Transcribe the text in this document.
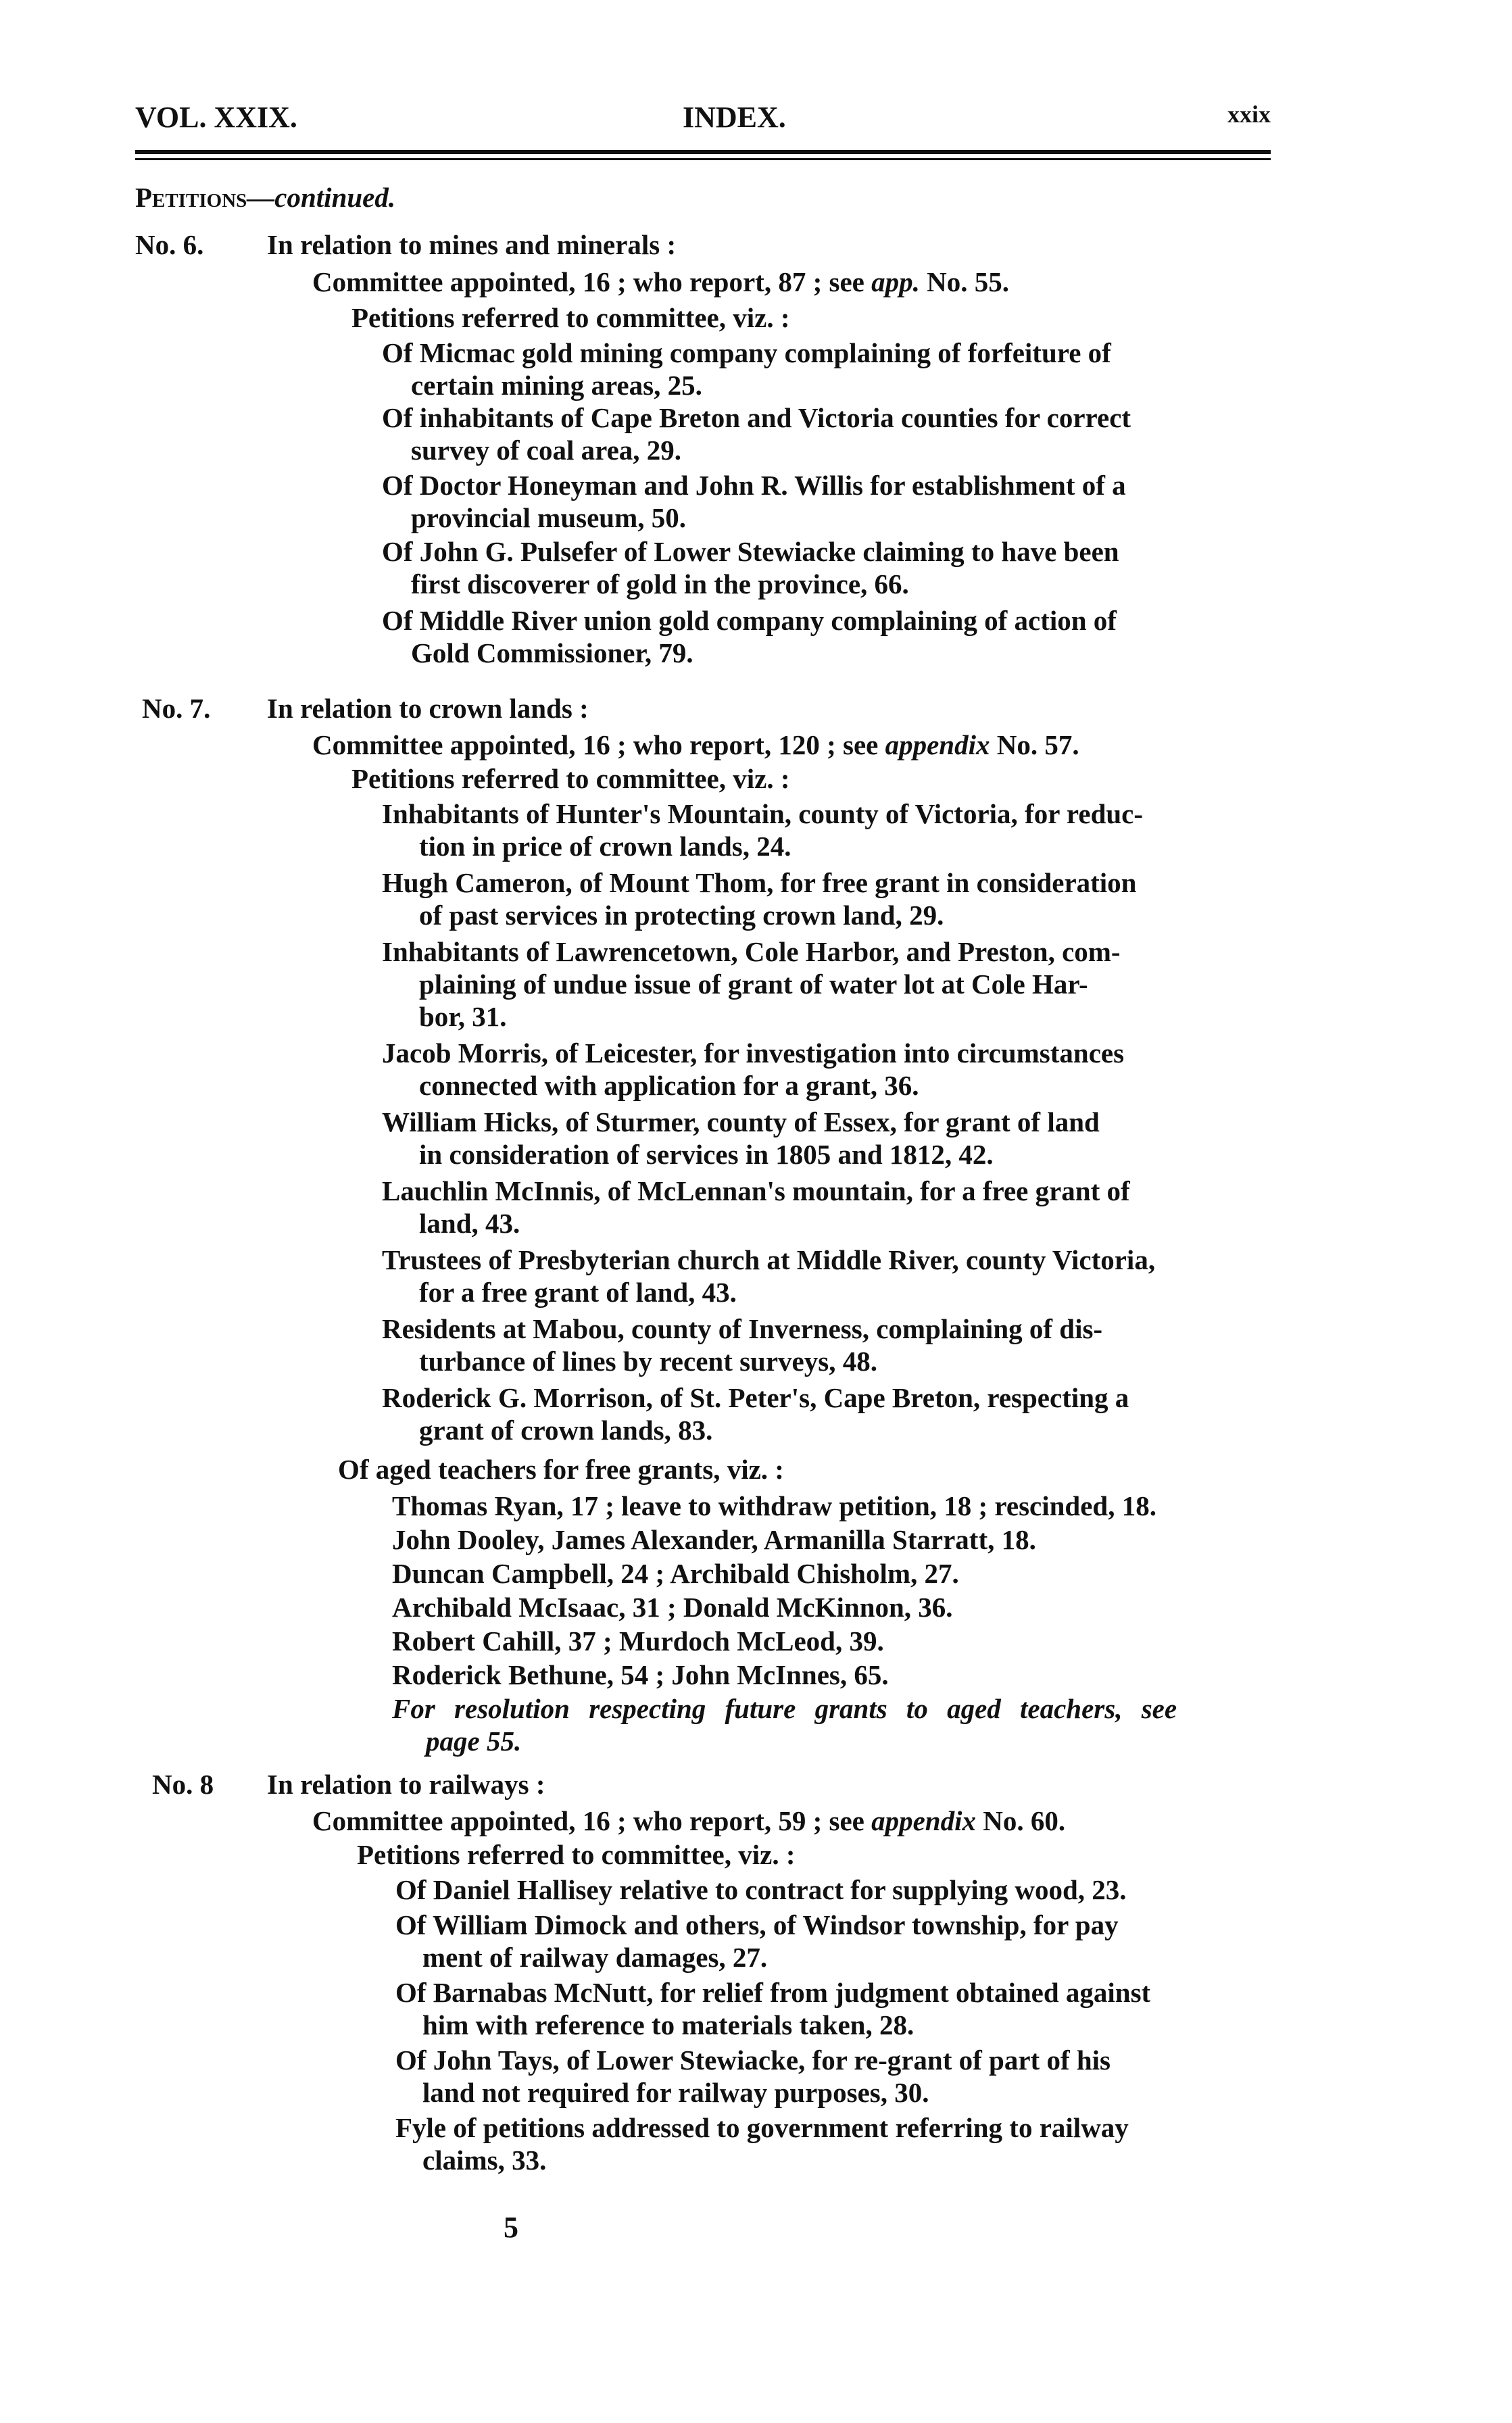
VOL. XXIX.	INDEX.	xxix
Petitions—continued.
No. 6. In relation to mines and minerals :
Committee appointed, 16 ; who report, 87 ; see app. No. 55.
Petitions referred to committee, viz. :
Of Micmac gold mining company complaining of forfeiture of
certain mining areas, 25.
Of inhabitants of Cape Breton and Victoria counties for correct
survey of coal area, 29.
Of Doctor Honeyman and John R. Willis for establishment of a
provincial museum, 50.
Of John G. Pulsefer of Lower Stewiacke claiming to have been
first discoverer of gold in the province, 66.
Of Middle River union gold company complaining of action of
Gold Commissioner, 79.
No. 7. In relation to crown lands :
Committee appointed, 16 ; who report, 120 ; see appendix No. 57.
Petitions referred to committee, viz. :
Inhabitants of Hunter's Mountain, county of Victoria, for reduc-
tion in price of crown lands, 24.
Hugh Cameron, of Mount Thom, for free grant in consideration
of past services in protecting crown land, 29.
Inhabitants of Lawrencetown, Cole Harbor, and Preston, com-
plaining of undue issue of grant of water lot at Cole Har-
bor, 31.
Jacob Morris, of Leicester, for investigation into circumstances
connected with application for a grant, 36.
William Hicks, of Sturmer, county of Essex, for grant of land
in consideration of services in 1805 and 1812, 42.
Lauchlin McInnis, of McLennan's mountain, for a free grant of
land, 43.
Trustees of Presbyterian church at Middle River, county Victoria,
for a free grant of land, 43.
Residents at Mabou, county of Inverness, complaining of dis-
turbance of lines by recent surveys, 48.
Roderick G. Morrison, of St. Peter's, Cape Breton, respecting a
grant of crown lands, 83.
Of aged teachers for free grants, viz. :
Thomas Ryan, 17 ; leave to withdraw petition, 18 ; rescinded, 18.
John Dooley, James Alexander, Armanilla Starratt, 18.
Duncan Campbell, 24 ; Archibald Chisholm, 27.
Archibald McIsaac, 31 ; Donald McKinnon, 36.
Robert Cahill, 37 ; Murdoch McLeod, 39.
Roderick Bethune, 54 ; John McInnes, 65.
For resolution respecting future grants to aged teachers, see
page 55.
No. 8 In relation to railways :
Committee appointed, 16 ; who report, 59 ; see appendix No. 60.
Petitions referred to committee, viz. :
Of Daniel Hallisey relative to contract for supplying wood, 23.
Of William Dimock and others, of Windsor township, for pay
ment of railway damages, 27.
Of Barnabas McNutt, for relief from judgment obtained against
him with reference to materials taken, 28.
Of John Tays, of Lower Stewiacke, for re-grant of part of his
land not required for railway purposes, 30.
Fyle of petitions addressed to government referring to railway
claims, 33.
5
